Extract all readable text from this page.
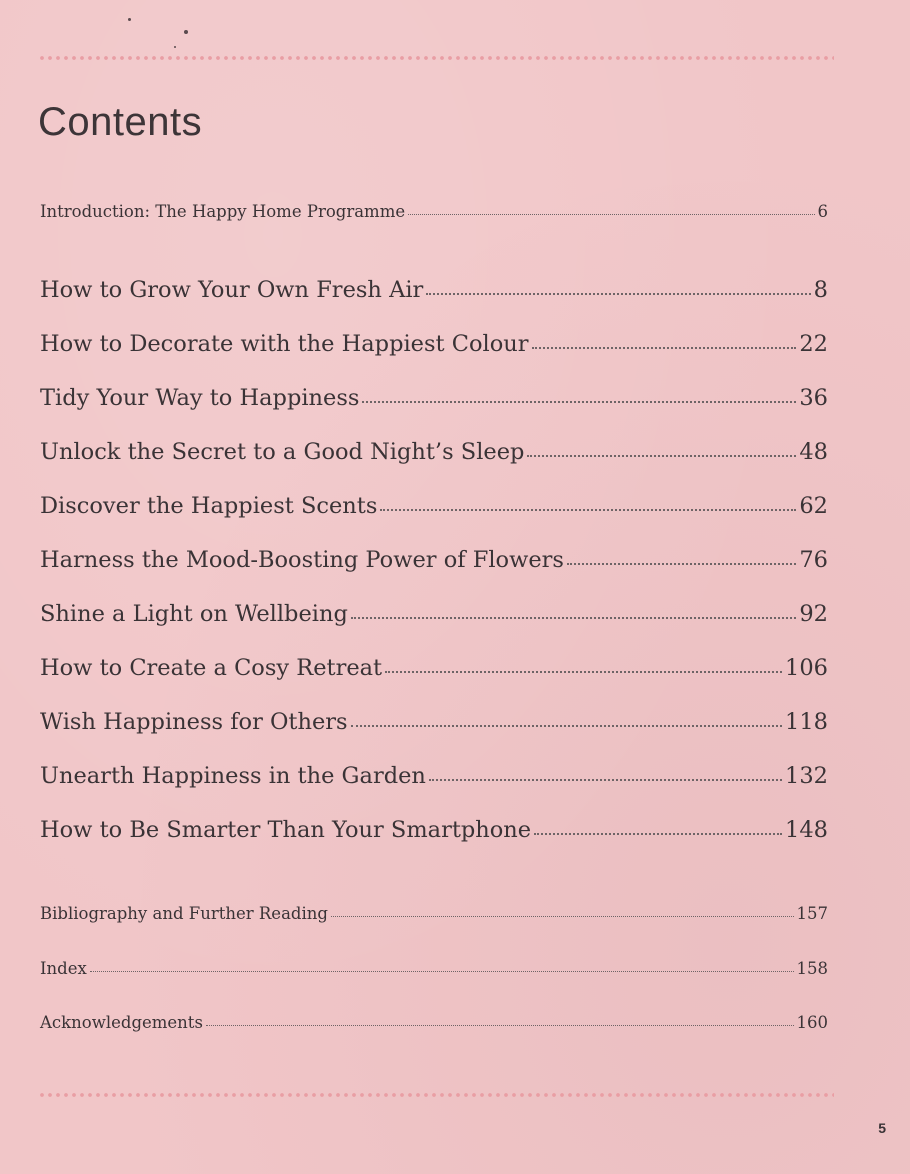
Contents
Introduction: The Happy Home Programme	6
How to Grow Your Own Fresh Air	8
How to Decorate with the Happiest Colour	22
Tidy Your Way to Happiness	36
Unlock the Secret to a Good Night’s Sleep	48
Discover the Happiest Scents	62
Harness the Mood-Boosting Power of Flowers	76
Shine a Light on Wellbeing	92
How to Create a Cosy Retreat	106
Wish Happiness for Others	118
Unearth Happiness in the Garden	132
How to Be Smarter Than Your Smartphone	148
Bibliography and Further Reading	157
Index	158
Acknowledgements	160
5
